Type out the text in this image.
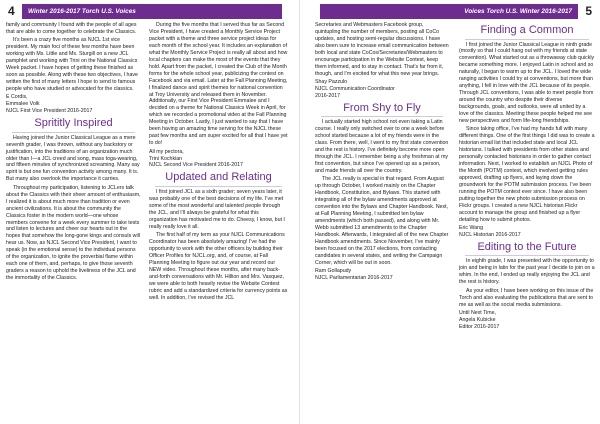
4	Winter 2016-2017 Torch U.S. Voices

family and community I found with the people of all ages that are able to come together to celebrate the Classics.

It’s been a crazy five months as NJCL 1st vice president. My main foci of these few months have been working with Ms. Little and Ms. Sturgill on a new JCL pamphlet and working with Trini on the National Classics Week packet. I have hopes of getting these finished as soon as possible. Along with these two objectives, I have written the first of many letters I hope to send to famous people who have studied or advocated for the classics.

E Cordis,
Emmalee Volk
NJCL First Vice President 2016-2017
Sprititly Inspired

Having joined the Junior Classical League as a mere seventh grader, I was thrown, without any backstory or justification, into the traditions of an organization much older than I—a JCL creed and song, mass toga-wearing, and fifteen minutes of synchronized screaming. Many say spirit is but one fun convention activity among many. It is. But many also overlook the importance it carries.

Throughout my participation, listening to JCLers talk about the Classics with their sheer amount of enthusiasm, I realized it is about much more than tradition or even ancient civilizations. It is about the community the Classics foster in the modern world—one whose members convene for a week every summer to take tests and listen to lectures and cheer our hearts out in the hopes that somehow the long-gone kings and consuls will hear us. Now, as NJCL Second Vice President, I want to speak (in the emotional sense) to the individual persons of the organization, to ignite the proverbial flame within each one of them, and, perhaps, to give those seventh graders a reason to uphold the liveliness of the JCL and the immortality of the Classics.

During the five months that I served thus far as Second Vice President, I have created a Monthly Service Project packet with a theme and three service project ideas for each month of the school year. It includes an explanation of what the Monthly Service Project is really all about and how local chapters can make the most of the events that they hold. Apart from the packet, I created the Club of the Month forms for the whole school year, publicizing the contest on Facebook and via email. Later at the Fall Planning Meeting, I finalized dance and spirit themes for national convention at Troy University and released them in November. Additionally, our First Vice President Emmalee and I decided on a theme for National Classics Week in April, for which we recorded a promotional video at the Fall Planning Meeting in October. Lastly, I just wanted to say that I have been having an amazing time serving for the NJCL these past few months and am super excited for all that I have yet to do!

All my pectora,
Trini Kochkian
NJCL Second Vice President 2016-2017
Updated and Relating

I first joined JCL as a sixth grader; seven years later, it was probably one of the best decisions of my life. I’ve met some of the most wonderful and talented people through the JCL, and I’ll always be grateful for what this organization has motivated me to do. Cheesy, I know, but I really really love it all.

The first half of my term as your NJCL Communications Coordinator has been absolutely amazing! I’ve had the opportunity to work with the other officers by building their Officer Profiles for NJCL.org, and, of course, at Fall Planning Meeting to figure out our year and record our NEW video. Throughout these months, after many back-and-forth conversations with Mr. Hillion and Mrs. Vasquez, we were able to both heavily revise the Website Contest rubric and add a standardized criteria for currency points as well. In addition, I’ve revised the JCL

Voices Torch U.S. Winter 2016-2017	5

Secretaries and Webmasters Facebook group, quintupling the number of members, posting all CoCo updates, and hosting semi-regular discussions. I have also been sure to increase email communication between both local and state CoCos/Secretaries/Webmasters to encourage participation in the Website Contest, keep them informed, and to stay in contact. That’s far from it, though, and I’m excited for what this new year brings.

Shay Pazzulo
NJCL Communication Coordinator
2016-2017
From Shy to Fly

I actually started high school not even taking a Latin course. I really only switched over to one a week before school started because a lot of my friends were in the class. From there, well, I went to my first state convention and the rest is history. I’ve definitely become more open through the JCL. I remember being a shy freshman at my first convention, but since I’ve opened up as a person, and made friends all over the country.

The JCL really is special in that regard. From August up through October, I worked mainly on the Chapter Handbook, Constitution, and Bylaws. This started with integrating all of the bylaw amendments approved at convention into the Bylaws and Chapter Handbook. Next, at Fall Planning Meeting, I submitted ten bylaw amendments (which both passed), and along with Mr. Webb submitted 13 amendments to the Chapter Handbook. Afterwards, I integrated all of the new Chapter Handbook amendments. Since November, I’ve mainly been focused on the 2017 elections, from contacting candidates in several states, and writing the Campaign Corner, which will be out in soon.

Ram Gollapudy
NJCL Parliamentarian 2016-2017
Finding a Common

I first joined the Junior Classical League in ninth grade (mostly so that I could hang out with my friends at state convention). What started out as a throwaway club quickly became something more. I enjoyed Latin in school and so naturally, I began to warm up to the JCL. I loved the wide ranging activities I could try at conventions, but more than anything, I fell in love with the JCL because of its people. Through JCL conventions, I was able to meet people from around the country who despite their diverse backgrounds, goals, and outlooks, were all united by a love of the classics. Meeting these people helped me see new perspectives and form life-long friendships.

Since taking office, I’ve had my hands full with many different things. One of the first things I did was to create a historian email list that included state and local JCL historians. I talked with presidents from other states and personally contacted historians in order to gather contact information. Next, I worked to establish an NJCL Photo of the Month (POTM) contest, which involved getting rules approved, drafting up flyers, and laying down the groundwork for the POTM submission process. I’ve been running the POTM contest ever since. I have also been putting together the new photo submission process on Flickr groups. I created a new NJCL historian Flickr account to manage the group and finished up a flyer detailing how to submit photos.

Eric Wang
NJCL Historian 2016-2017
Editing to the Future

In eighth grade, I was presented with the opportunity to join and being in latin for the past year I decide to join on a whim. In the end, I ended up really enjoying the JCL and the rest is history.

As your editor, I have been working on this issue of the Torch and also evaluating the publications that are sent to me as well as the social media submissions.

Until Next Time,
Angela Kubicke
Editor 2016-2017
